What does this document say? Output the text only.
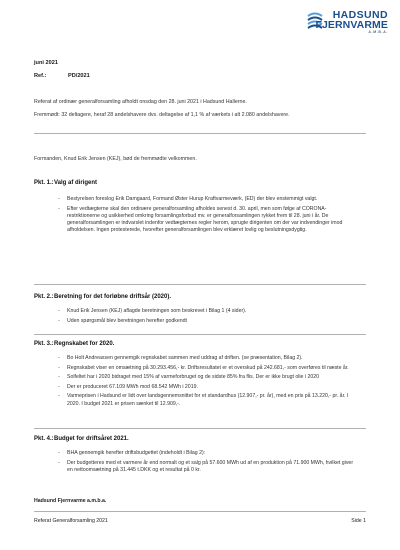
HADSUND
FJERNVARME
A.M.B.A.
juni 2021
Ref.:	PD/2021
Referat af ordinær generalforsamling afholdt onsdag den 28. juni 2021 i Hadsund Hallerne.
Fremmødt: 32 deltagere, heraf 28 andelshavere dvs. deltagelse af 1,1 % af værkets i alt 2.080 andelshavere.
Formanden, Knud Erik Jensen (KEJ), bød de fremmødte velkommen.
Pkt. 1.:Valg af dirigent
- Bestyrelsen foreslog Erik Damgaard, Formand Øster Hurup Kraftvarmeværk, (ED) der blev enstemmigt valgt.
- Efter vedtægterne skal den ordinære generalforsamling afholdes senest d. 30. april, men som følge af CORONA-restriktionerne og usikkerhed omkring forsamlingsforbud mv. er generalforsamlingen rykket frem til 28. juni i år. De generalforsamlingen er indvarslet indenfor vedtægternes regler herom, sprugte dirigenten om der var indvendinger imod afholdelsen. Ingen protesterede, hvorefter generalforsamlingen blev erklæret lovlig og beslutningsdygtig.
Pkt. 2.:Beretning for det forløbne driftsår (2020).
- Knud Erik Jensen (KEJ) aflagde beretningen som beskrevet i Bilag 1 (4 sider).
- Uden spørgsmål blev beretningen herefter godkendt
Pkt. 3.:Regnskabet for 2020.
- Bo Holt Andreassen gennemgik regnskabet sammen med uddrag af driften. (se præsentation, Bilag 2).
- Regnskabet viser en omsætning på 30.293.456,- kr. Driftsresultatet er et overskud på 242.681,- som overføres til næste år.
- Solfeltet har i 2020 bidraget med 15% af varmeforbruget og de sidste 85% fra flis. Der er ikke brugt olie i 2020
- Der er produceret 67.109 MWh mod 68.542 MWh i 2019.
- Varmeprisen i Hadsund er lidt over landsgennemsnittet for et standardhus (12.907,- pr. år), med en pris på 13.220,- pr. år. I 2020. I budget 2021 er prisen sænket til 12.909,-.
Pkt. 4.:Budget for driftsåret 2021.
- BHA gennemgik herefter driftsbudgettet (indeholdt i Bilag 2):
- Der budgetteres med et varmere år end normalt og et salg på 57.600 MWh ud af en produktion på 71.900 MWh, hvilket giver en nettoomsætning på 31.445 t.DKK og et resultat på 0 kr.
Hadsund Fjernvarme a.m.b.a.
Referat Generalforsamling 2021	Side 1
